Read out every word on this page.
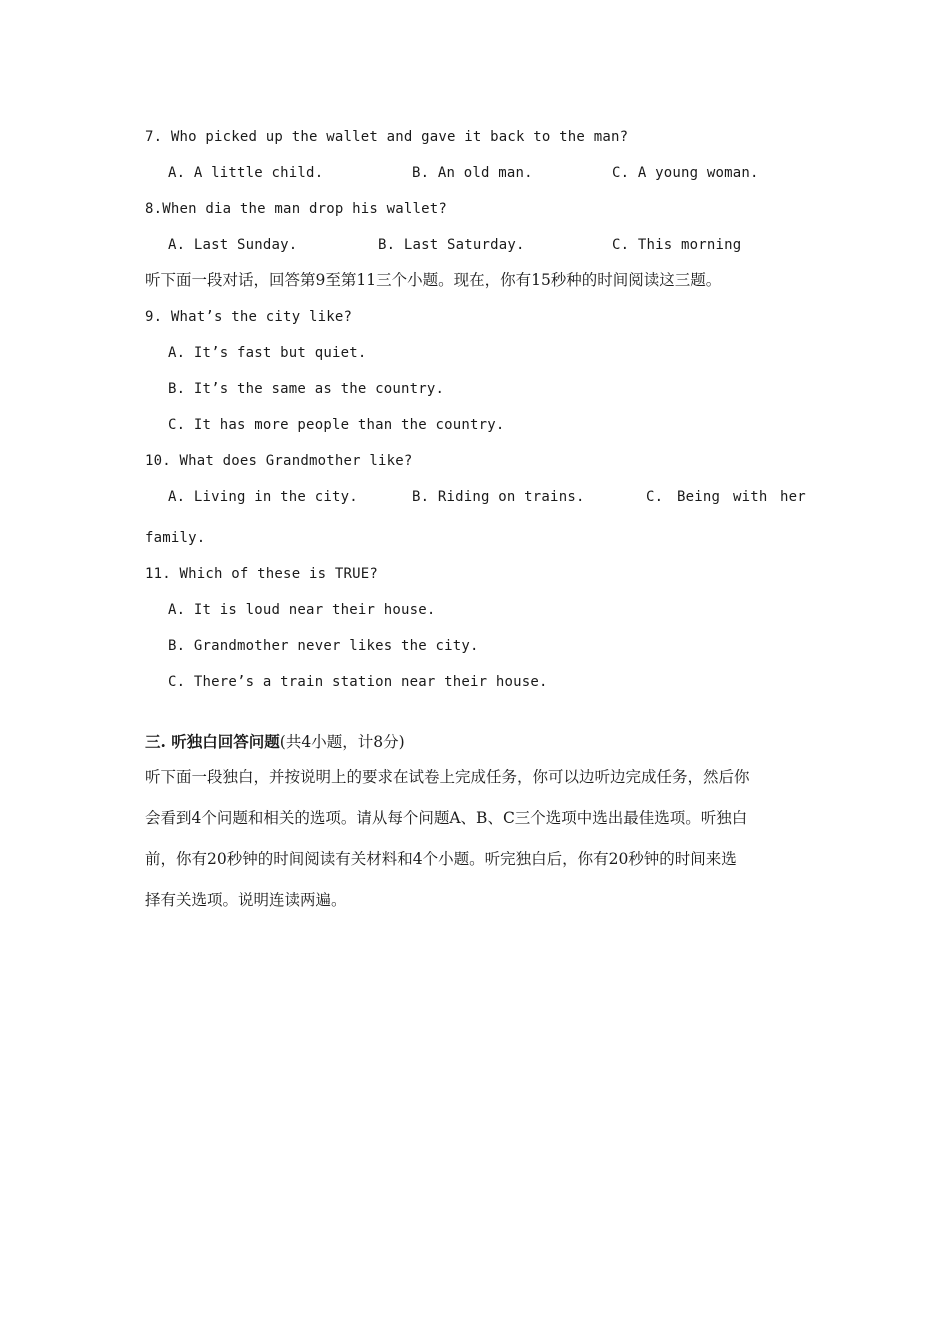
7. Who picked up the wallet and gave it back to the man?
A. A little child.	B. An old man.	C. A young woman.
8.When dia the man drop his wallet?
A. Last Sunday.	B. Last Saturday.	C. This morning
听下面一段对话，回答第9至第11三个小题。现在，你有15秒种的时间阅读这三题。
9. What’s the city like?
A. It’s fast but quiet.
B. It’s the same as the country.
C. It has more people than the country.
10. What does Grandmother like?
A. Living in the city.	B. Riding on trains.	C. Being with her
family.
11. Which of these is TRUE?
A. It is loud near their house.
B. Grandmother never likes the city.
C. There’s a train station near their house.
三. 听独白回答问题(共4小题，计8分)
听下面一段独白，并按说明上的要求在试卷上完成任务，你可以边听边完成任务，然后你
会看到4个问题和相关的选项。请从每个问题A、B、C三个选项中选出最佳选项。听独白
前，你有20秒钟的时间阅读有关材料和4个小题。听完独白后，你有20秒钟的时间来选
择有关选项。说明连读两遍。
